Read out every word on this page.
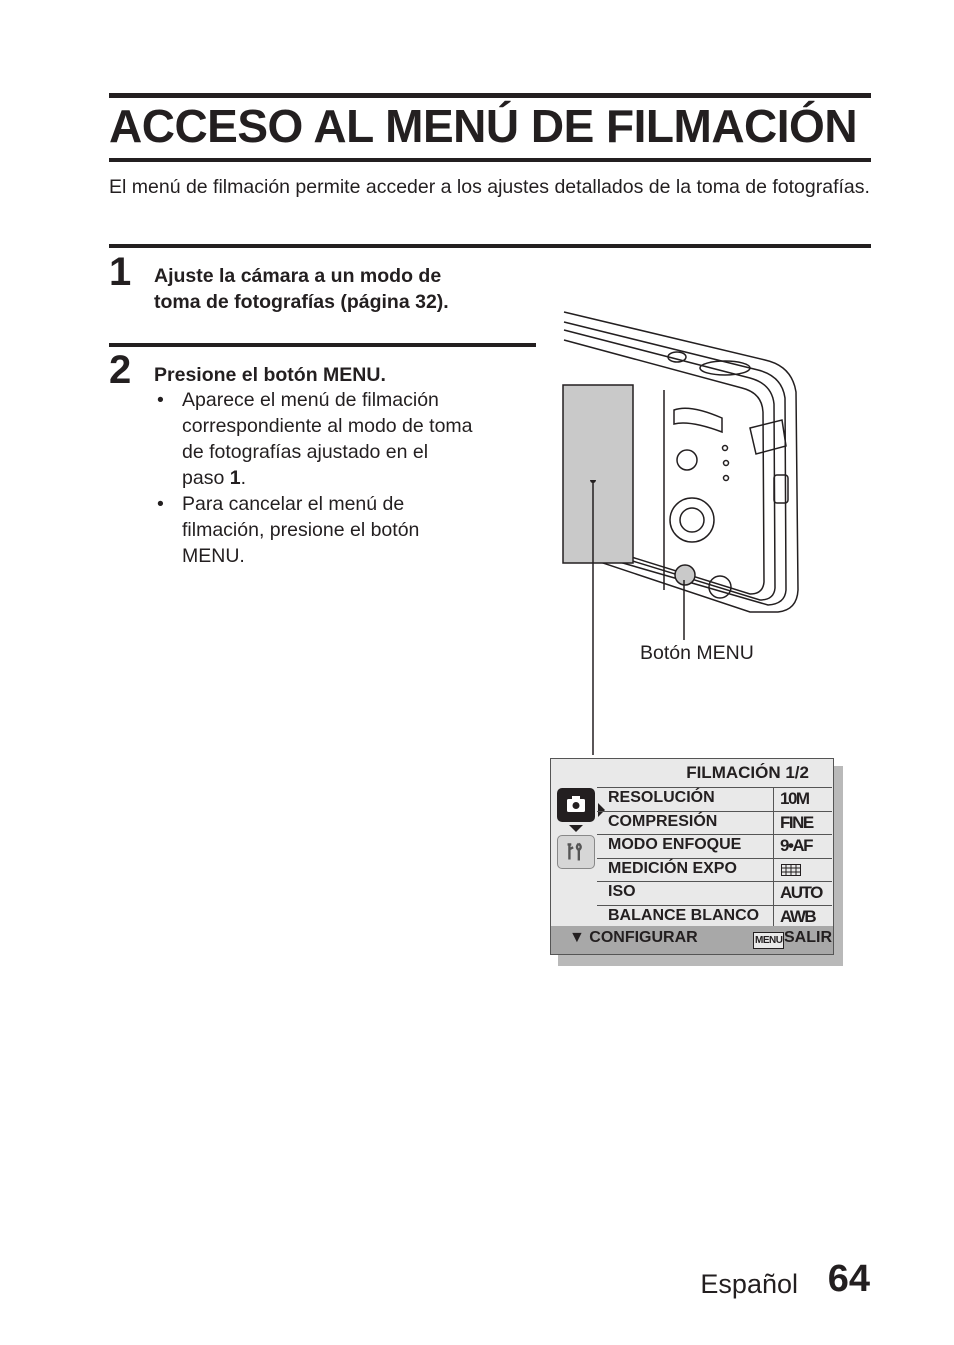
ACCESO AL MENÚ DE FILMACIÓN

El menú de filmación permite acceder a los ajustes detallados de la toma de fotografías.

1 Ajuste la cámara a un modo de
toma de fotografías (página 32).

2 Presione el botón MENU.

• Aparece el menú de filmación
correspondiente al modo de toma
de fotografías ajustado en el
paso 1.
• Para cancelar el menú de
filmación, presione el botón
MENU.
Botón MENU
FILMACIÓN 1/2
RESOLUCIÓN	10M
COMPRESIÓN	FINE
MODO ENFOQUE 9•AF
MEDICIÓN EXPO
ISO	AUTO
BALANCE BLANCO AWB
▼ CONFIGURAR	MENU SALIR
Español 64
